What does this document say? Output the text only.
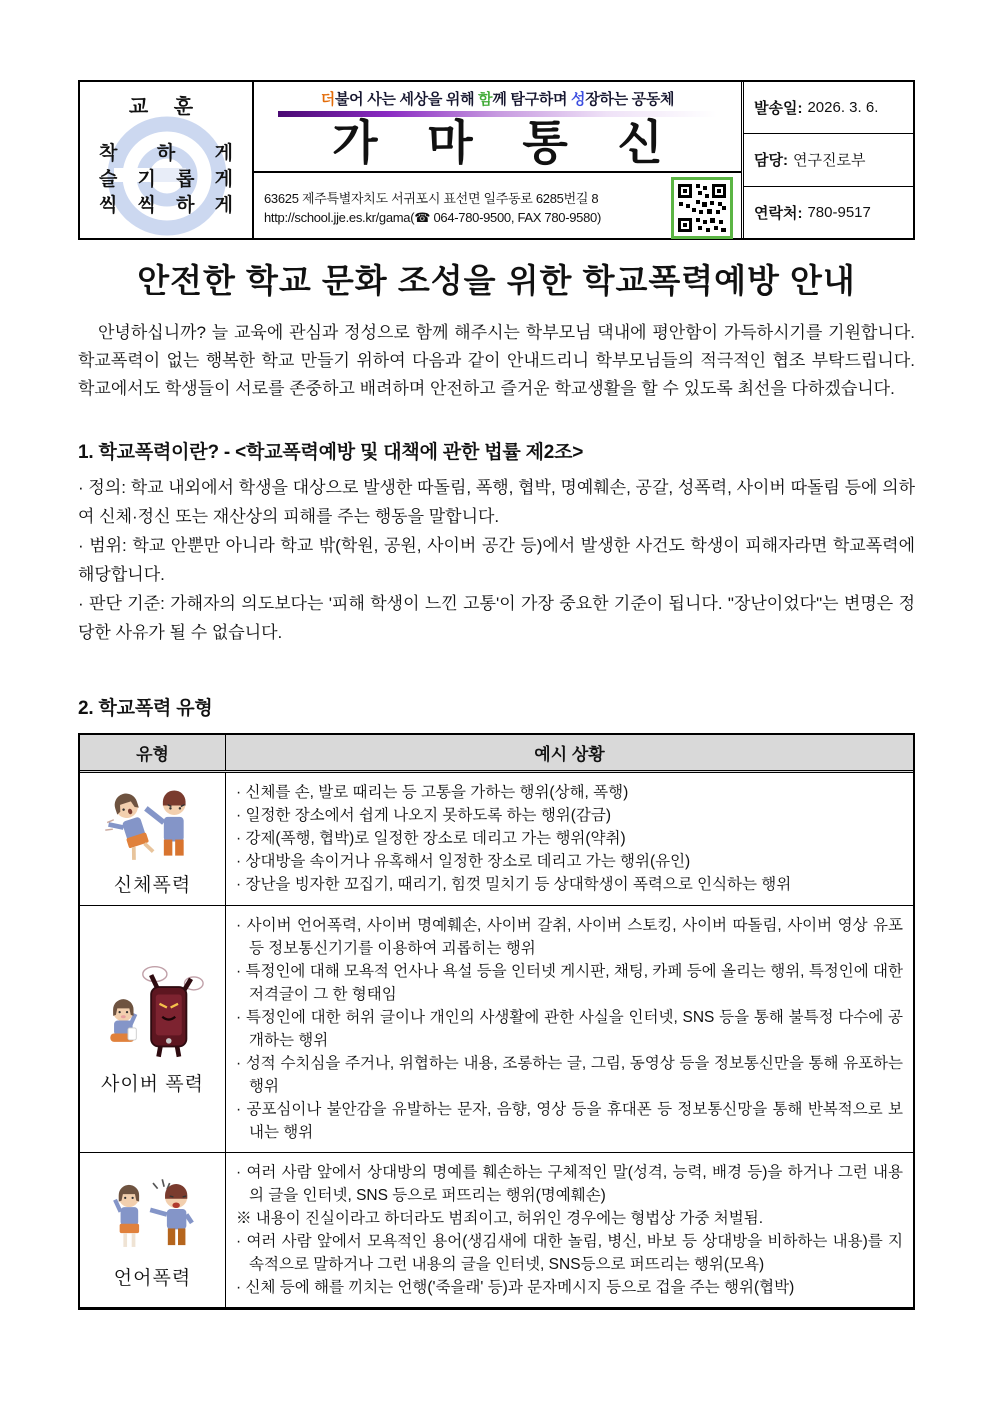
교 훈
착 하 게
슬 기 롭 게
씩 씩 하 게
더불어 사는 세상을 위해 함께 탐구하며 성장하는 공동체
가 마 통 신
63625 제주특별자치도 서귀포시 표선면 일주동로 6285번길 8
http://school.jje.es.kr/gama(☎ 064-780-9500, FAX 780-9580)
발송일: 2026. 3. 6.
담당: 연구진로부
연락처: 780-9517
안전한 학교 문화 조성을 위한 학교폭력예방 안내

안녕하십니까? 늘 교육에 관심과 정성으로 함께 해주시는 학부모님 댁내에 평안함이 가득하시기를 기원합니다. 학교폭력이 없는 행복한 학교 만들기 위하여 다음과 같이 안내드리니 학부모님들의 적극적인 협조 부탁드립니다. 학교에서도 학생들이 서로를 존중하고 배려하며 안전하고 즐거운 학교생활을 할 수 있도록 최선을 다하겠습니다.

1. 학교폭력이란? - <학교폭력예방 및 대책에 관한 법률 제2조>

· 정의: 학교 내외에서 학생을 대상으로 발생한 따돌림, 폭행, 협박, 명예훼손, 공갈, 성폭력, 사이버 따돌림 등에 의하여 신체·정신 또는 재산상의 피해를 주는 행동을 말합니다.

· 범위: 학교 안뿐만 아니라 학교 밖(학원, 공원, 사이버 공간 등)에서 발생한 사건도 학생이 피해자라면 학교폭력에 해당합니다.

· 판단 기준: 가해자의 의도보다는 '피해 학생이 느낀 고통'이 가장 중요한 기준이 됩니다. "장난이었다"는 변명은 정당한 사유가 될 수 없습니다.

2. 학교폭력 유형
유형	예시 상황
신체폭력
· 신체를 손, 발로 때리는 등 고통을 가하는 행위(상해, 폭행)
· 일정한 장소에서 쉽게 나오지 못하도록 하는 행위(감금)
· 강제(폭행, 협박)로 일정한 장소로 데리고 가는 행위(약취)
· 상대방을 속이거나 유혹해서 일정한 장소로 데리고 가는 행위(유인)
· 장난을 빙자한 꼬집기, 때리기, 힘껏 밀치기 등 상대학생이 폭력으로 인식하는 행위
사이버 폭력
· 사이버 언어폭력, 사이버 명예훼손, 사이버 갈취, 사이버 스토킹, 사이버 따돌림, 사이버 영상 유포 등 정보통신기기를 이용하여 괴롭히는 행위
· 특정인에 대해 모욕적 언사나 욕설 등을 인터넷 게시판, 채팅, 카페 등에 올리는 행위, 특정인에 대한 저격글이 그 한 형태임
· 특정인에 대한 허위 글이나 개인의 사생활에 관한 사실을 인터넷, SNS 등을 통해 불특정 다수에 공개하는 행위
· 성적 수치심을 주거나, 위협하는 내용, 조롱하는 글, 그림, 동영상 등을 정보통신만을 통해 유포하는 행위
· 공포심이나 불안감을 유발하는 문자, 음향, 영상 등을 휴대폰 등 정보통신망을 통해 반복적으로 보내는 행위
언어폭력
· 여러 사람 앞에서 상대방의 명예를 훼손하는 구체적인 말(성격, 능력, 배경 등)을 하거나 그런 내용의 글을 인터넷, SNS 등으로 퍼뜨리는 행위(명예훼손)
※ 내용이 진실이라고 하더라도 범죄이고, 허위인 경우에는 형법상 가중 처벌됨.
· 여러 사람 앞에서 모욕적인 용어(생김새에 대한 놀림, 병신, 바보 등 상대방을 비하하는 내용)를 지속적으로 말하거나 그런 내용의 글을 인터넷, SNS등으로 퍼뜨리는 행위(모욕)
· 신체 등에 해를 끼치는 언행('죽을래' 등)과 문자메시지 등으로 겁을 주는 행위(협박)
